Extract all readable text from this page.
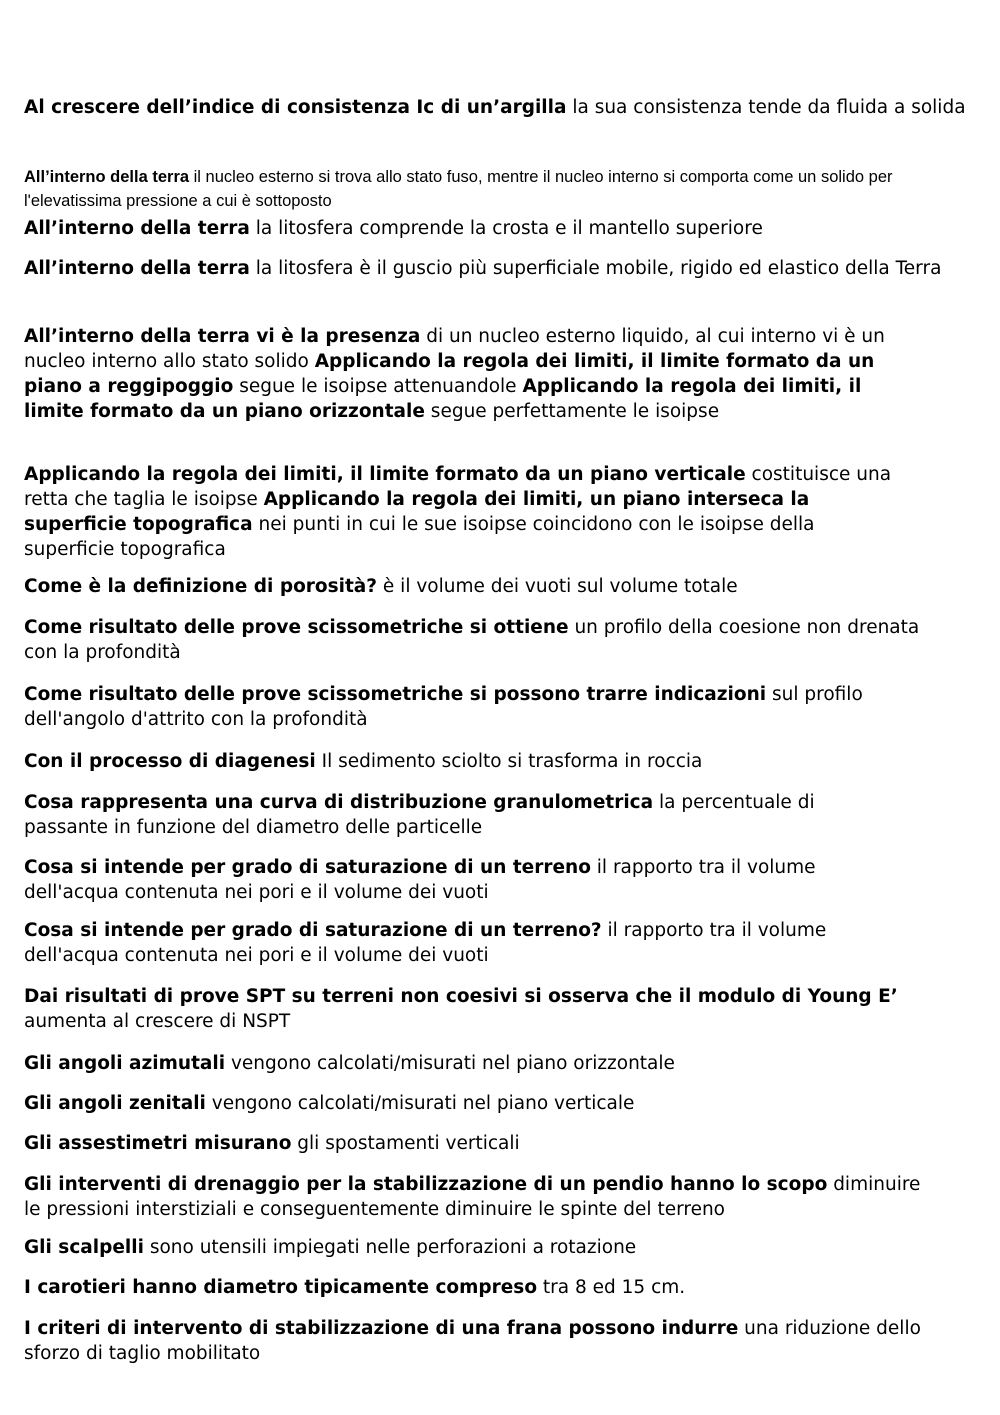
Al crescere dell’indice di consistenza Ic di un’argilla la sua consistenza tende da fluida a solida

All’interno della terra il nucleo esterno si trova allo stato fuso, mentre il nucleo interno si comporta come un solido per l'elevatissima pressione a cui è sottoposto

All’interno della terra la litosfera comprende la crosta e il mantello superiore

All’interno della terra la litosfera è il guscio più superficiale mobile, rigido ed elastico della Terra

All’interno della terra vi è la presenza di un nucleo esterno liquido, al cui interno vi è un nucleo interno allo stato solido Applicando la regola dei limiti, il limite formato da un piano a reggipoggio segue le isoipse attenuandole Applicando la regola dei limiti, il limite formato da un piano orizzontale segue perfettamente le isoipse

Applicando la regola dei limiti, il limite formato da un piano verticale costituisce una retta che taglia le isoipse Applicando la regola dei limiti, un piano interseca la superficie topografica nei punti in cui le sue isoipse coincidono con le isoipse della superficie topografica

Come è la definizione di porosità? è il volume dei vuoti sul volume totale

Come risultato delle prove scissometriche si ottiene un profilo della coesione non drenata con la profondità

Come risultato delle prove scissometriche si possono trarre indicazioni sul profilo dell'angolo d'attrito con la profondità

Con il processo di diagenesi Il sedimento sciolto si trasforma in roccia

Cosa rappresenta una curva di distribuzione granulometrica la percentuale di passante in funzione del diametro delle particelle

Cosa si intende per grado di saturazione di un terreno il rapporto tra il volume dell'acqua contenuta nei pori e il volume dei vuoti

Cosa si intende per grado di saturazione di un terreno? il rapporto tra il volume dell'acqua contenuta nei pori e il volume dei vuoti

Dai risultati di prove SPT su terreni non coesivi si osserva che il modulo di Young E’ aumenta al crescere di NSPT

Gli angoli azimutali vengono calcolati/misurati nel piano orizzontale

Gli angoli zenitali vengono calcolati/misurati nel piano verticale

Gli assestimetri misurano gli spostamenti verticali

Gli interventi di drenaggio per la stabilizzazione di un pendio hanno lo scopo diminuire le pressioni interstiziali e conseguentemente diminuire le spinte del terreno

Gli scalpelli sono utensili impiegati nelle perforazioni a rotazione

I carotieri hanno diametro tipicamente compreso tra 8 ed 15 cm.

I criteri di intervento di stabilizzazione di una frana possono indurre una riduzione dello sforzo di taglio mobilitato
